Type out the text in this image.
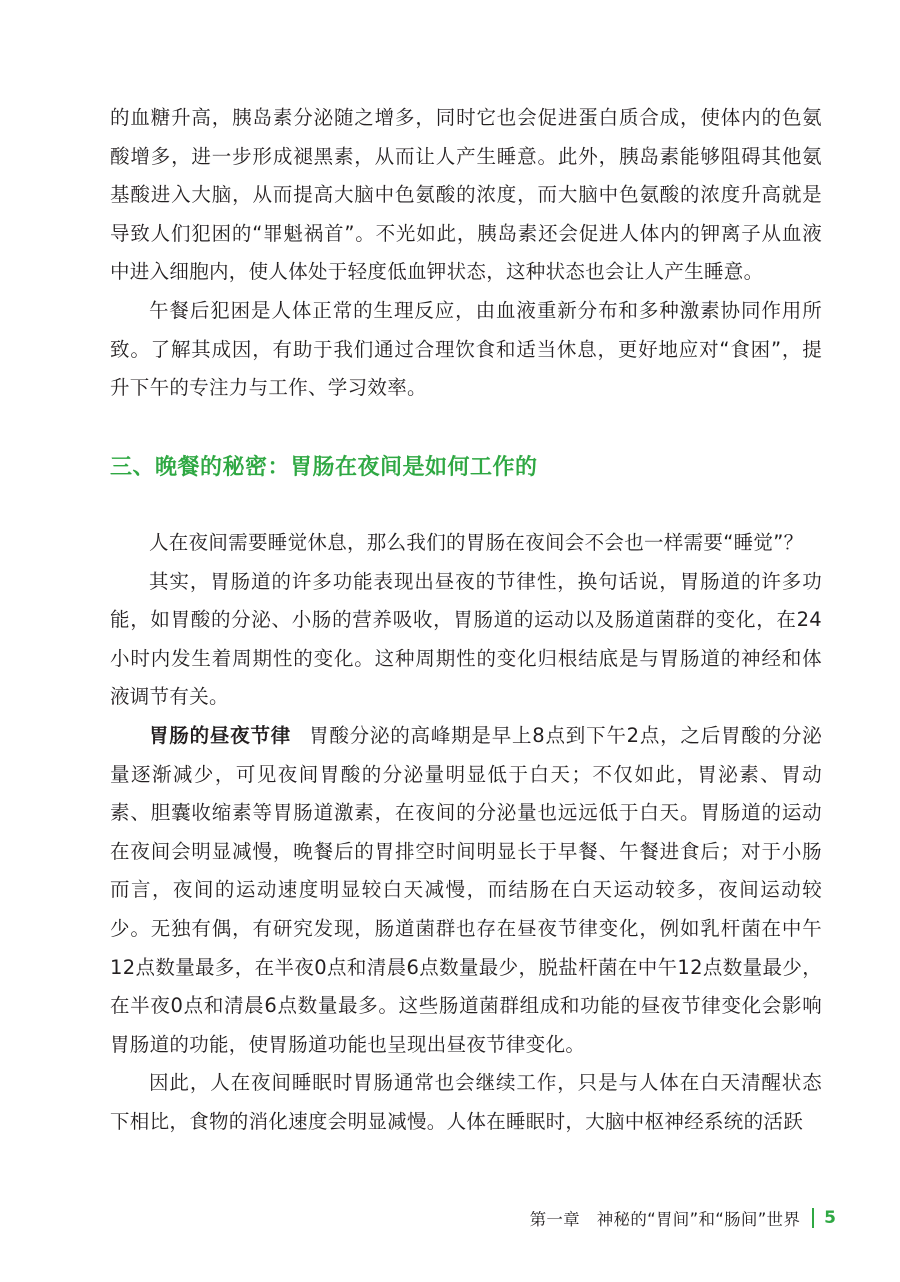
的血糖升高，胰岛素分泌随之增多，同时它也会促进蛋白质合成，使体内的色氨酸增多，进一步形成褪黑素，从而让人产生睡意。此外，胰岛素能够阻碍其他氨基酸进入大脑，从而提高大脑中色氨酸的浓度，而大脑中色氨酸的浓度升高就是导致人们犯困的“罪魁祸首”。不光如此，胰岛素还会促进人体内的钾离子从血液中进入细胞内，使人体处于轻度低血钾状态，这种状态也会让人产生睡意。

午餐后犯困是人体正常的生理反应，由血液重新分布和多种激素协同作用所致。了解其成因，有助于我们通过合理饮食和适当休息，更好地应对“食困”，提升下午的专注力与工作、学习效率。

三、晚餐的秘密：胃肠在夜间是如何工作的

人在夜间需要睡觉休息，那么我们的胃肠在夜间会不会也一样需要“睡觉”？

其实，胃肠道的许多功能表现出昼夜的节律性，换句话说，胃肠道的许多功能，如胃酸的分泌、小肠的营养吸收，胃肠道的运动以及肠道菌群的变化，在24小时内发生着周期性的变化。这种周期性的变化归根结底是与胃肠道的神经和体液调节有关。

胃肠的昼夜节律 胃酸分泌的高峰期是早上8点到下午2点，之后胃酸的分泌量逐渐减少，可见夜间胃酸的分泌量明显低于白天；不仅如此，胃泌素、胃动素、胆囊收缩素等胃肠道激素，在夜间的分泌量也远远低于白天。胃肠道的运动在夜间会明显减慢，晚餐后的胃排空时间明显长于早餐、午餐进食后；对于小肠而言，夜间的运动速度明显较白天减慢，而结肠在白天运动较多，夜间运动较少。无独有偶，有研究发现，肠道菌群也存在昼夜节律变化，例如乳杆菌在中午12点数量最多，在半夜0点和清晨6点数量最少，脱盐杆菌在中午12点数量最少，在半夜0点和清晨6点数量最多。这些肠道菌群组成和功能的昼夜节律变化会影响胃肠道的功能，使胃肠道功能也呈现出昼夜节律变化。

因此，人在夜间睡眠时胃肠通常也会继续工作，只是与人体在白天清醒状态下相比，食物的消化速度会明显减慢。人体在睡眠时，大脑中枢神经系统的活跃

第一章　神秘的“胃间”和“肠间”世界 5
